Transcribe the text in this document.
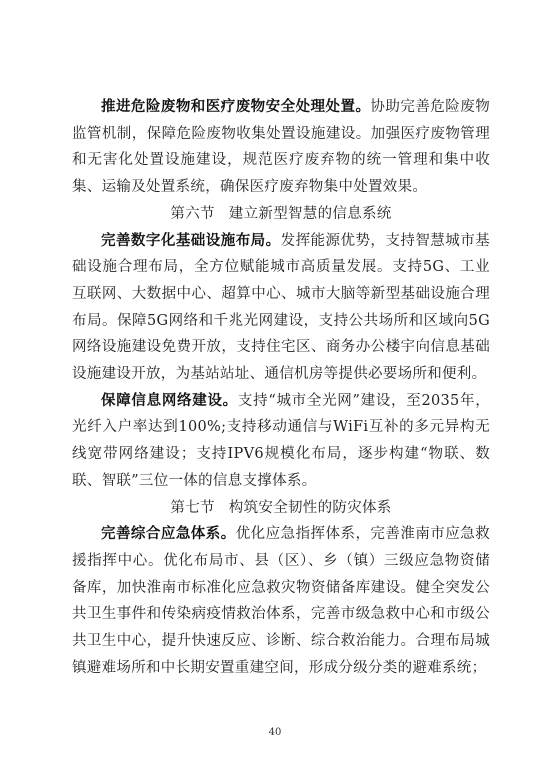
推进危险废物和医疗废物安全处理处置。协助完善危险废物监管机制，保障危险废物收集处置设施建设。加强医疗废物管理和无害化处置设施建设，规范医疗废弃物的统一管理和集中收集、运输及处置系统，确保医疗废弃物集中处置效果。

第六节 建立新型智慧的信息系统

完善数字化基础设施布局。发挥能源优势，支持智慧城市基础设施合理布局，全方位赋能城市高质量发展。支持5G、工业互联网、大数据中心、超算中心、城市大脑等新型基础设施合理布局。保障5G网络和千兆光网建设，支持公共场所和区域向5G网络设施建设免费开放，支持住宅区、商务办公楼宇向信息基础设施建设开放，为基站站址、通信机房等提供必要场所和便利。

保障信息网络建设。支持“城市全光网”建设，至2035年，光纤入户率达到100%;支持移动通信与WiFi互补的多元异构无线宽带网络建设；支持IPV6规模化布局，逐步构建“物联、数联、智联”三位一体的信息支撑体系。

第七节 构筑安全韧性的防灾体系

完善综合应急体系。优化应急指挥体系，完善淮南市应急救援指挥中心。优化布局市、县（区）、乡（镇）三级应急物资储备库，加快淮南市标准化应急救灾物资储备库建设。健全突发公共卫生事件和传染病疫情救治体系，完善市级急救中心和市级公共卫生中心，提升快速反应、诊断、综合救治能力。合理布局城镇避难场所和中长期安置重建空间，形成分级分类的避难系统；

40
